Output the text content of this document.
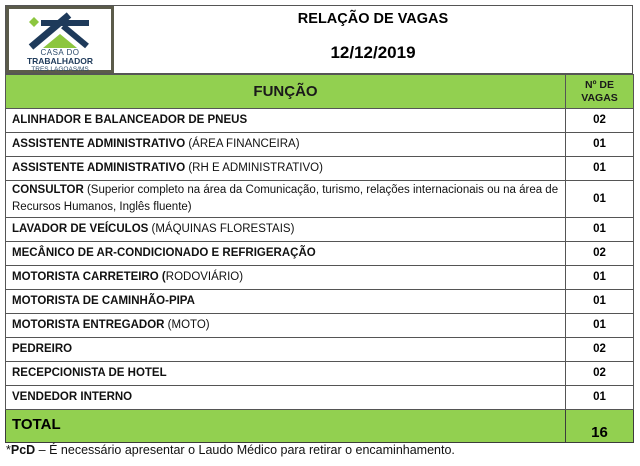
CASA DO
TRABALHADOR
TRES LAGOAS/MS
RELAÇÃO DE VAGAS
12/12/2019
FUNÇÃO	Nº DE
VAGAS

ALINHADOR E BALANCEADOR DE PNEUS	02
ASSISTENTE ADMINISTRATIVO (ÁREA FINANCEIRA)	01
ASSISTENTE ADMINISTRATIVO (RH E ADMINISTRATIVO)	01
CONSULTOR (Superior completo na área da Comunicação, turismo, relações internacionais ou na área de Recursos Humanos, Inglês fluente)	01
LAVADOR DE VEÍCULOS (MÁQUINAS FLORESTAIS)	01
MECÂNICO DE AR-CONDICIONADO E REFRIGERAÇÃO	02
MOTORISTA CARRETEIRO (RODOVIÁRIO)	01
MOTORISTA DE CAMINHÃO-PIPA	01
MOTORISTA ENTREGADOR (MOTO)	01
PEDREIRO	02
RECEPCIONISTA DE HOTEL	02
VENDEDOR INTERNO	01
TOTAL	16
*PcD – É necessário apresentar o Laudo Médico para retirar o encaminhamento.
